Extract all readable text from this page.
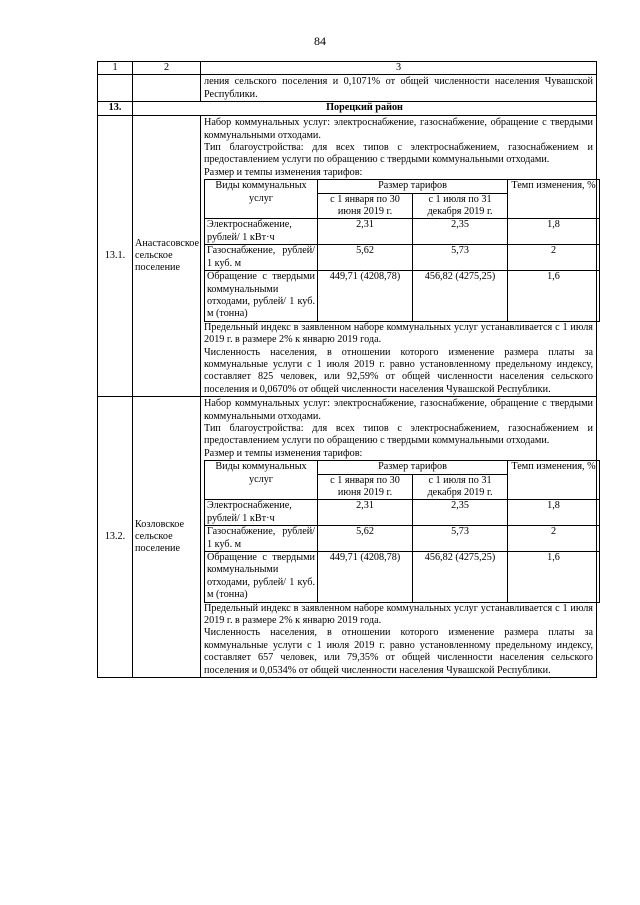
84
1	2	3

ления сельского поселения и 0,1071% от общей численности населения Чувашской Республики.

13.	Порецкий район
13.1.	Анастасовское сельское поселение	

Набор коммунальных услуг: электроснабжение, газоснабжение, обращение с твердыми коммунальными отходами.

Тип благоустройства: для всех типов с электроснабжением, газоснабжением и предоставлением услуги по обращению с твердыми коммунальными отходами.

Размер и темпы изменения тарифов:

Виды коммунальных услуг	Размер тарифов	Темп изменения, %
с 1 января по 30 июня 2019 г.	с 1 июля по 31 декабря 2019 г.
Электроснабжение, рублей/ 1 кВт·ч	2,31	2,35	1,8
Газоснабжение, рублей/ 1 куб. м	5,62	5,73	2
Обращение с твердыми коммунальными отходами, рублей/ 1 куб. м (тонна)	449,71 (4208,78)	456,82 (4275,25)	1,6

Предельный индекс в заявленном наборе коммунальных услуг устанавливается с 1 июля 2019 г. в размере 2% к январю 2019 года.

Численность населения, в отношении которого изменение размера платы за коммунальные услуги с 1 июля 2019 г. равно установленному предельному индексу, составляет 825 человек, или 92,59% от общей численности населения сельского поселения и 0,0670% от общей численности населения Чувашской Республики.

13.2.	Козловское сельское поселение	

Набор коммунальных услуг: электроснабжение, газоснабжение, обращение с твердыми коммунальными отходами.

Тип благоустройства: для всех типов с электроснабжением, газоснабжением и предоставлением услуги по обращению с твердыми коммунальными отходами.

Размер и темпы изменения тарифов:

Виды коммунальных услуг	Размер тарифов	Темп изменения, %
с 1 января по 30 июня 2019 г.	с 1 июля по 31 декабря 2019 г.
Электроснабжение, рублей/ 1 кВт·ч	2,31	2,35	1,8
Газоснабжение, рублей/ 1 куб. м	5,62	5,73	2
Обращение с твердыми коммунальными отходами, рублей/ 1 куб. м (тонна)	449,71 (4208,78)	456,82 (4275,25)	1,6

Предельный индекс в заявленном наборе коммунальных услуг устанавливается с 1 июля 2019 г. в размере 2% к январю 2019 года.

Численность населения, в отношении которого изменение размера платы за коммунальные услуги с 1 июля 2019 г. равно установленному предельному индексу, составляет 657 человек, или 79,35% от общей численности населения сельского поселения и 0,0534% от общей численности населения Чувашской Республики.
